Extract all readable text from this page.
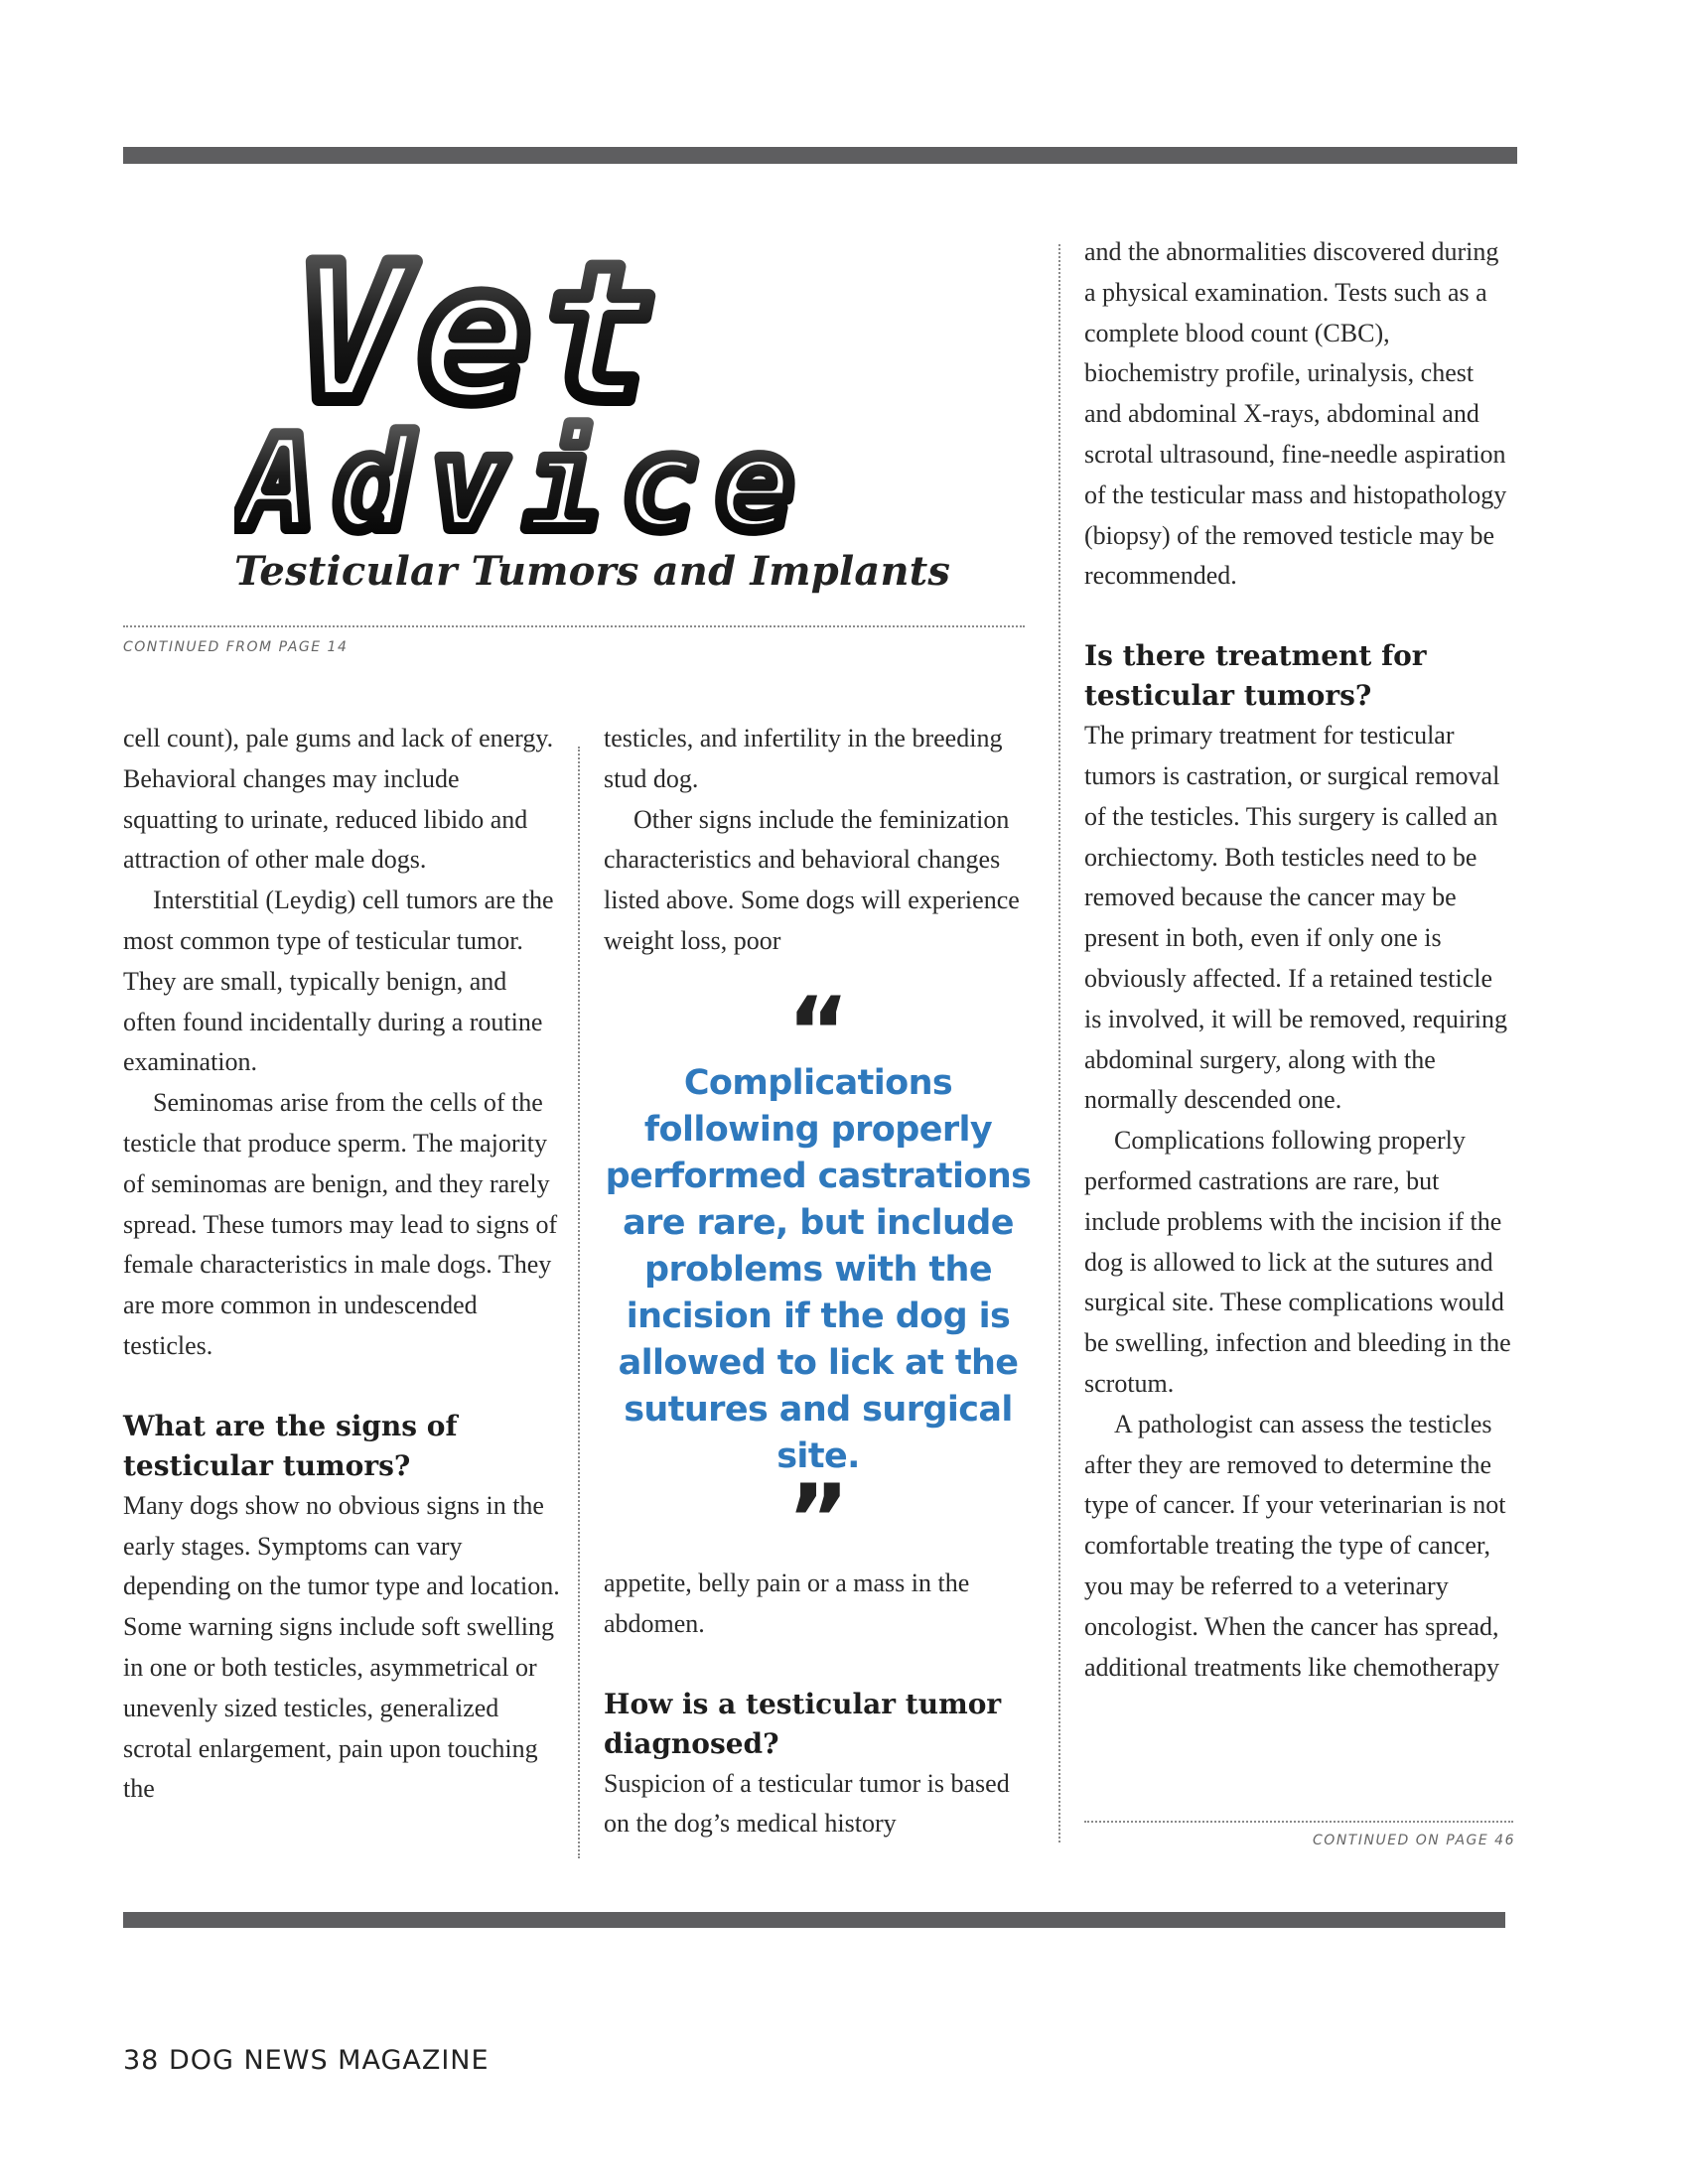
Vet
Advice
Testicular Tumors and Implants
CONTINUED FROM PAGE 14

cell count), pale gums and lack of energy. Behavioral changes may include squatting to urinate, reduced libido and attraction of other male dogs.

Interstitial (Leydig) cell tumors are the most common type of testicular tumor. They are small, typically benign, and often found incidentally during a routine examination.

Seminomas arise from the cells of the testicle that produce sperm. The majority of seminomas are benign, and they rarely spread. These tumors may lead to signs of female characteristics in male dogs. They are more common in undescended testicles.

What are the signs of testicular tumors?

Many dogs show no obvious signs in the early stages. Symptoms can vary depending on the tumor type and location. Some warning signs include soft swelling in one or both testicles, asymmetrical or unevenly sized testicles, generalized scrotal enlargement, pain upon touching the

testicles, and infertility in the breeding stud dog.

Other signs include the feminization characteristics and behavioral changes listed above. Some dogs will experience weight loss, poor

“
Complications following properly performed castrations are rare, but include problems with the incision if the dog is allowed to lick at the sutures and surgical site.
”

appetite, belly pain or a mass in the abdomen.

How is a testicular tumor diagnosed?

Suspicion of a testicular tumor is based on the dog’s medical history

and the abnormalities discovered during a physical examination. Tests such as a complete blood count (CBC), biochemistry profile, urinalysis, chest and abdominal X-rays, abdominal and scrotal ultrasound, fine-needle aspiration of the testicular mass and histopathology (biopsy) of the removed testicle may be recommended.

Is there treatment for testicular tumors?

The primary treatment for testicular tumors is castration, or surgical removal of the testicles. This surgery is called an orchiectomy. Both testicles need to be removed because the cancer may be present in both, even if only one is obviously affected. If a retained testicle is involved, it will be removed, requiring abdominal surgery, along with the normally descended one.

Complications following properly performed castrations are rare, but include problems with the incision if the dog is allowed to lick at the sutures and surgical site. These complications would be swelling, infection and bleeding in the scrotum.

A pathologist can assess the testicles after they are removed to determine the type of cancer. If your veterinarian is not comfortable treating the type of cancer, you may be referred to a veterinary oncologist. When the cancer has spread, additional treatments like chemotherapy

CONTINUED ON PAGE 46
38 DOG NEWS MAGAZINE
